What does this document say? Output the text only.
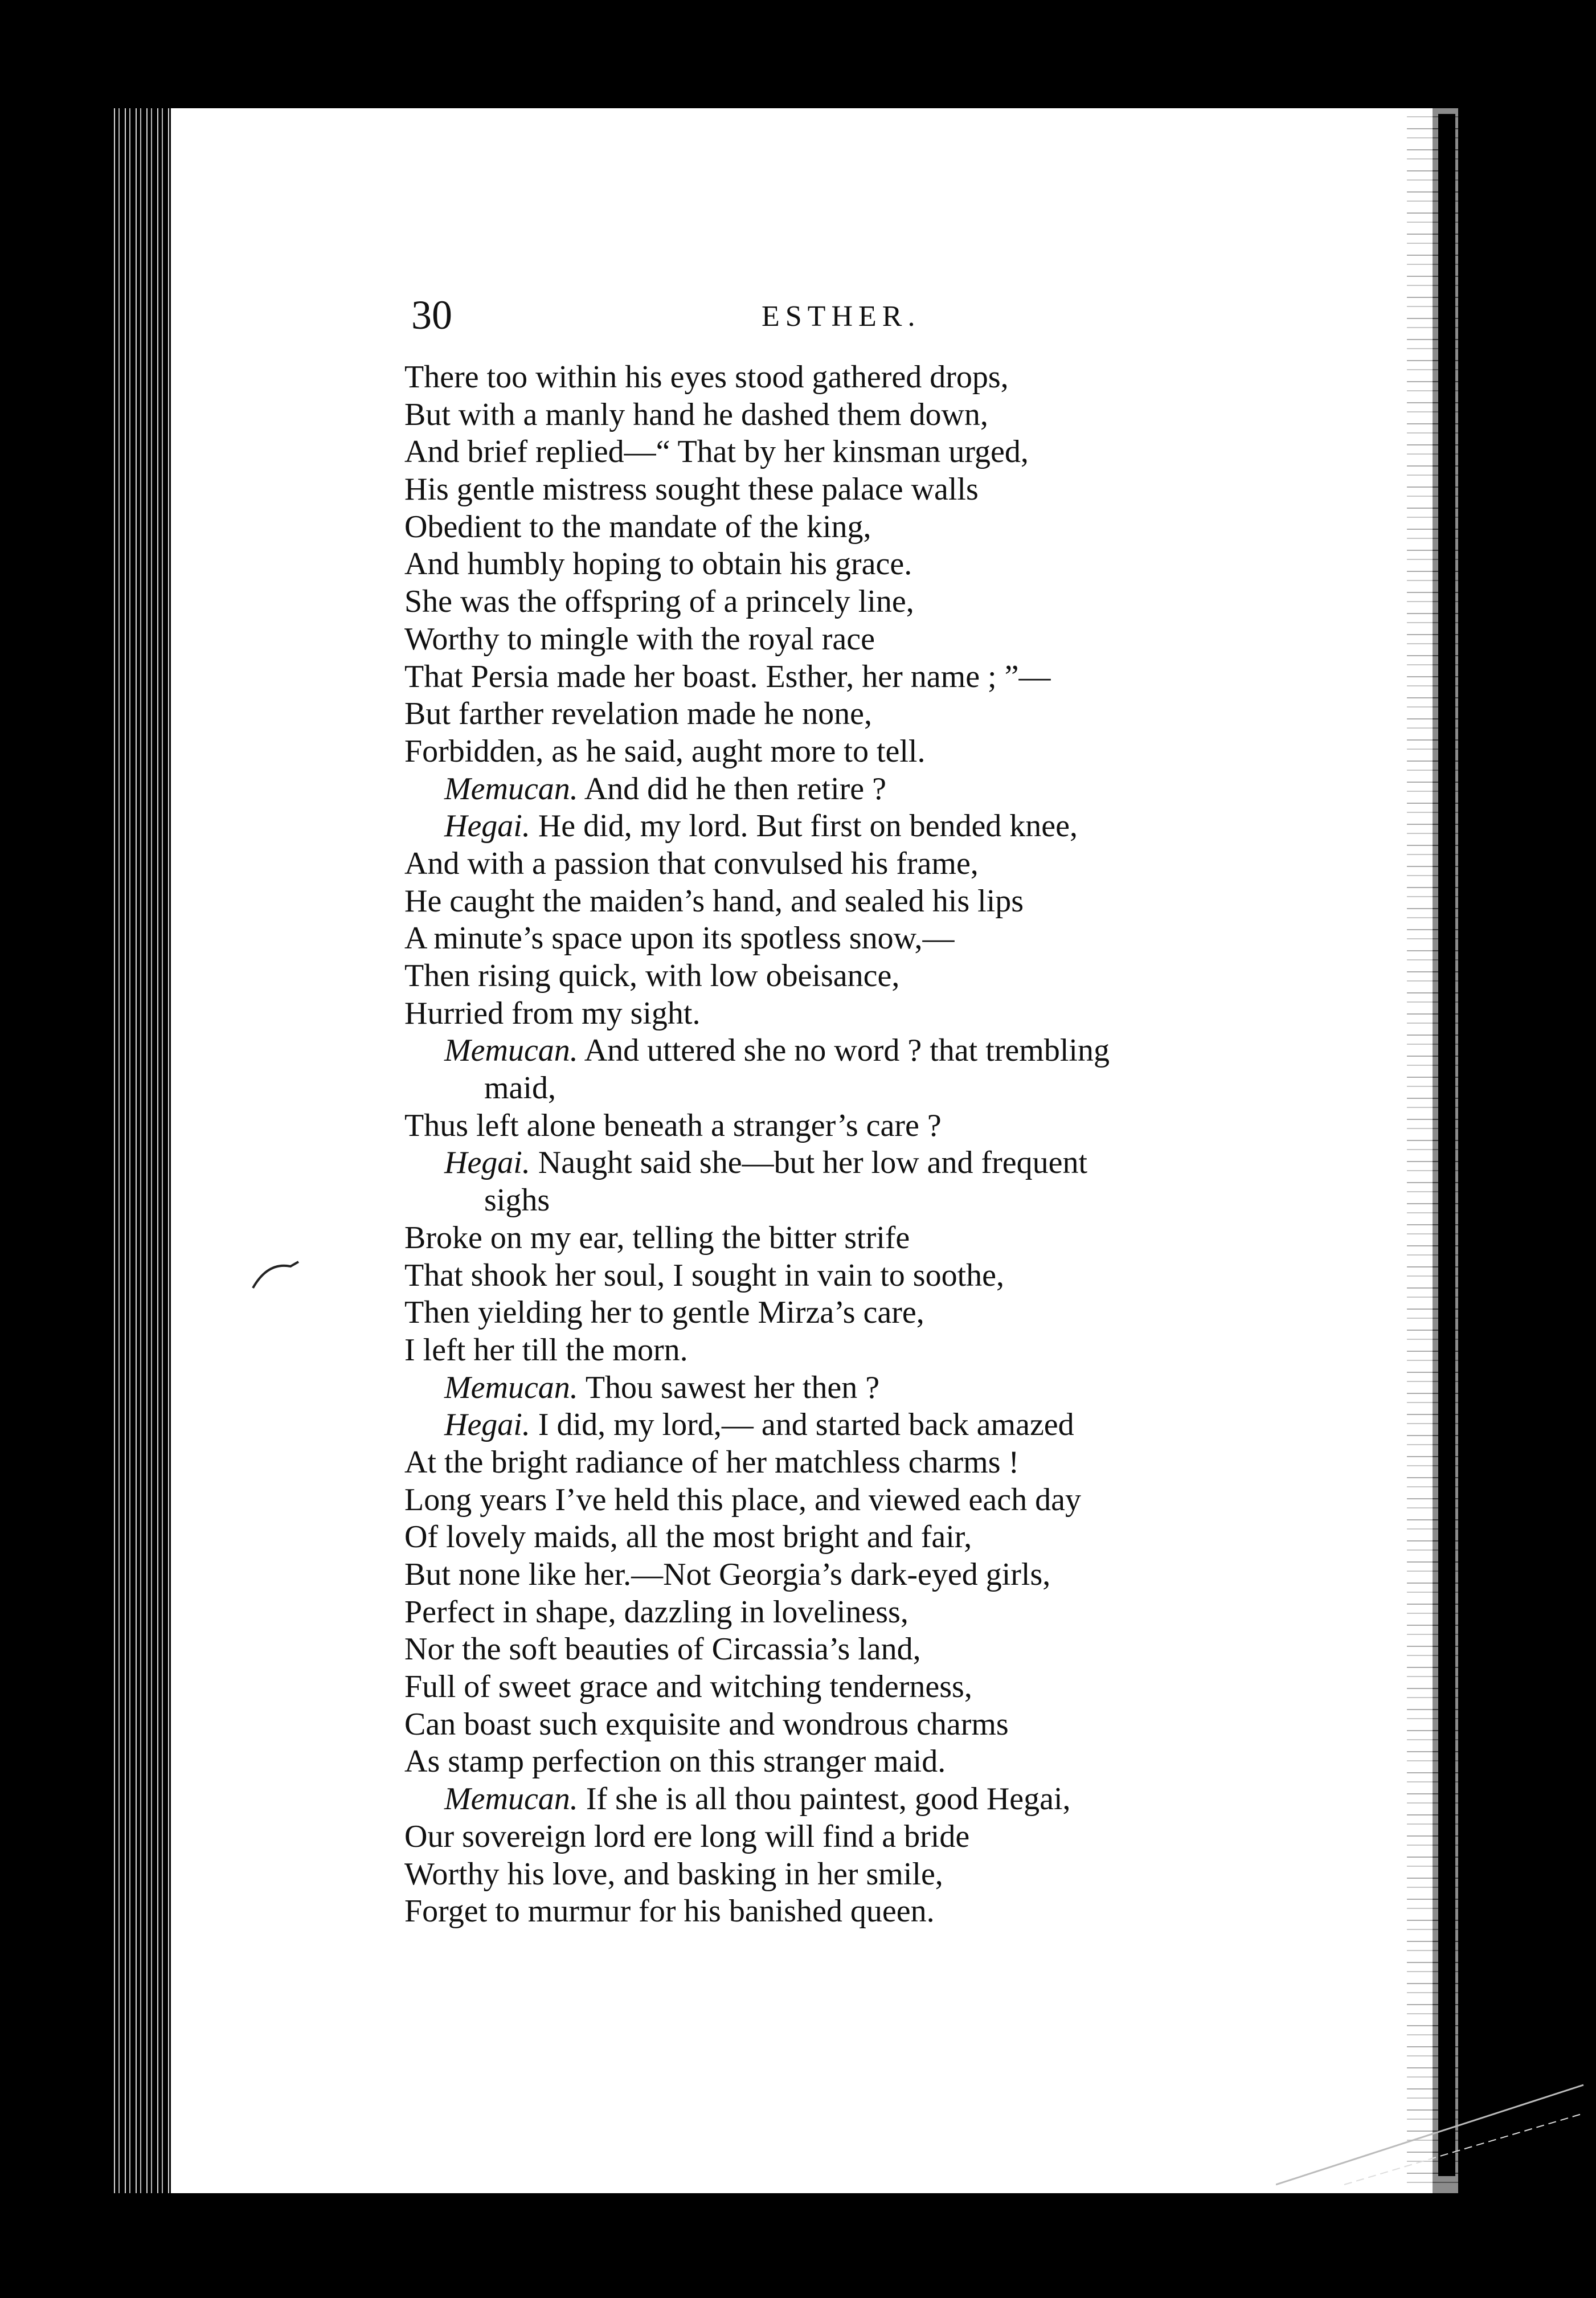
30	ESTHER.
There too within his eyes stood gathered drops,
But with a manly hand he dashed them down,
And brief replied—“ That by her kinsman urged,
His gentle mistress sought these palace walls
Obedient to the mandate of the king,
And humbly hoping to obtain his grace.
She was the offspring of a princely line,
Worthy to mingle with the royal race
That Persia made her boast. Esther, her name ; ”—
But farther revelation made he none,
Forbidden, as he said, aught more to tell.
Memucan. And did he then retire ?
Hegai. He did, my lord. But first on bended knee,
And with a passion that convulsed his frame,
He caught the maiden’s hand, and sealed his lips
A minute’s space upon its spotless snow,—
Then rising quick, with low obeisance,
Hurried from my sight.
Memucan. And uttered she no word ? that trembling
maid,
Thus left alone beneath a stranger’s care ?
Hegai. Naught said she—but her low and frequent
sighs
Broke on my ear, telling the bitter strife
That shook her soul, I sought in vain to soothe,
Then yielding her to gentle Mirza’s care,
I left her till the morn.
Memucan. Thou sawest her then ?
Hegai. I did, my lord,— and started back amazed
At the bright radiance of her matchless charms !
Long years I’ve held this place, and viewed each day
Of lovely maids, all the most bright and fair,
But none like her.—Not Georgia’s dark-eyed girls,
Perfect in shape, dazzling in loveliness,
Nor the soft beauties of Circassia’s land,
Full of sweet grace and witching tenderness,
Can boast such exquisite and wondrous charms
As stamp perfection on this stranger maid.
Memucan. If she is all thou paintest, good Hegai,
Our sovereign lord ere long will find a bride
Worthy his love, and basking in her smile,
Forget to murmur for his banished queen.
